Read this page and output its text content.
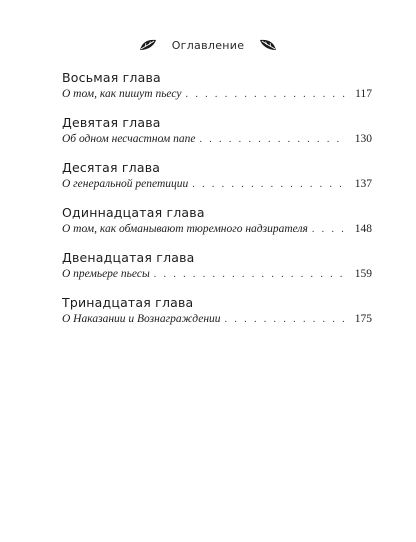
Оглавление
Восьмая глава
О том, как пишут пьесу . . .	117
Девятая глава
Об одном несчастном папе . . .	130
Десятая глава
О генеральной репетиции . . .	137
Одиннадцатая глава
О том, как обманывают тюремного надзирателя . . .	148
Двенадцатая глава
О премьере пьесы . . .	159
Тринадцатая глава
О Наказании и Вознаграждении . . .	175
